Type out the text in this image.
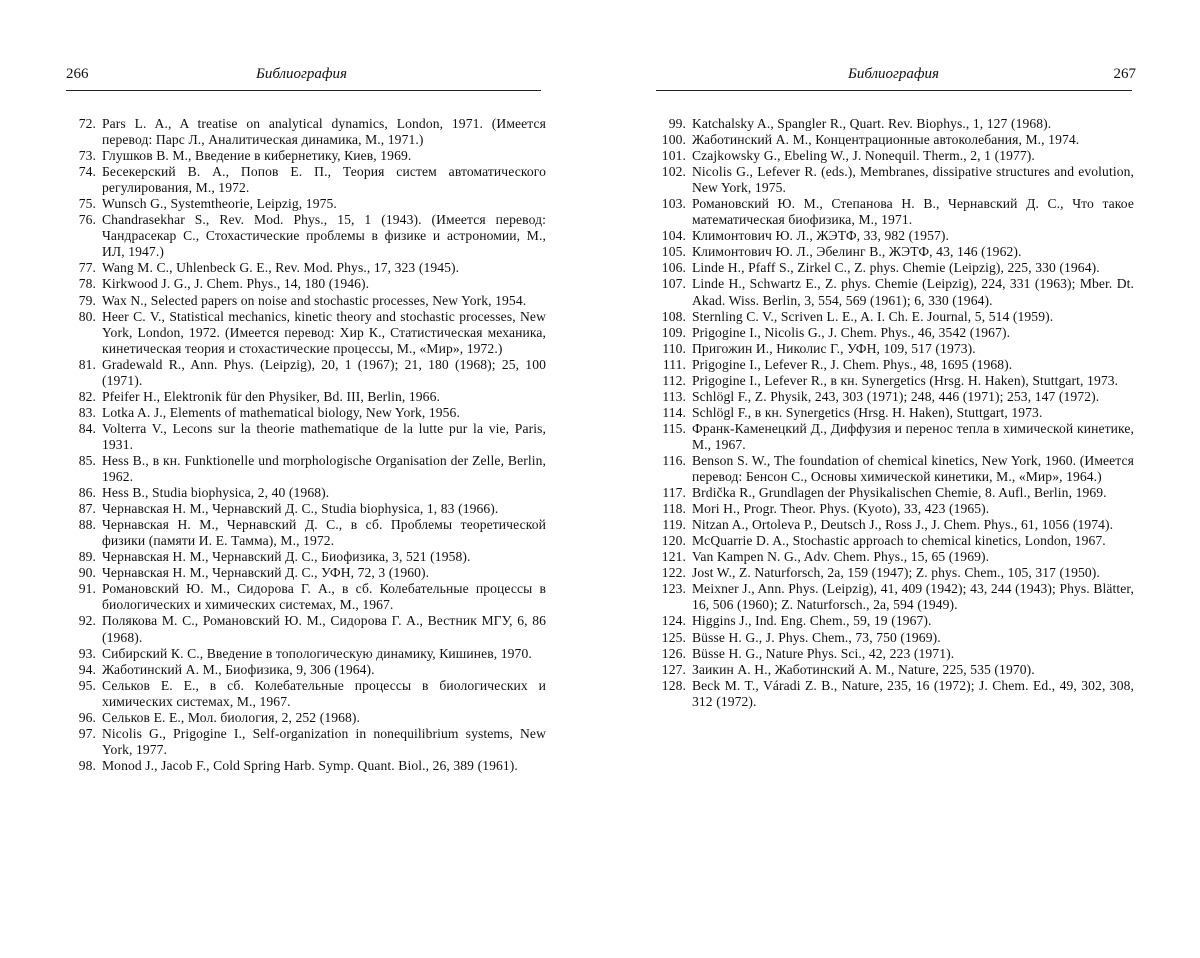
266	Библиография
72. Pars L. A., A treatise on analytical dynamics, London, 1971. (Имеется перевод: Парс Л., Аналитическая динамика, М., 1971.)
73. Глушков В. М., Введение в кибернетику, Киев, 1969.
74. Бесекерский В. А., Попов Е. П., Теория систем автоматического регулирования, М., 1972.
75. Wunsch G., Systemtheorie, Leipzig, 1975.
76. Chandrasekhar S., Rev. Mod. Phys., 15, 1 (1943). (Имеется перевод: Чандрасекар С., Стохастические проблемы в физике и астрономии, М., ИЛ, 1947.)
77. Wang M. C., Uhlenbeck G. E., Rev. Mod. Phys., 17, 323 (1945).
78. Kirkwood J. G., J. Chem. Phys., 14, 180 (1946).
79. Wax N., Selected papers on noise and stochastic processes, New York, 1954.
80. Heer C. V., Statistical mechanics, kinetic theory and stochastic processes, New York, London, 1972. (Имеется перевод: Хир К., Статистическая механика, кинетическая теория и стохастические процессы, М., «Мир», 1972.)
81. Gradewald R., Ann. Phys. (Leipzig), 20, 1 (1967); 21, 180 (1968); 25, 100 (1971).
82. Pfeifer H., Elektronik für den Physiker, Bd. III, Berlin, 1966.
83. Lotka A. J., Elements of mathematical biology, New York, 1956.
84. Volterra V., Lecons sur la theorie mathematique de la lutte pur la vie, Paris, 1931.
85. Hess B., в кн. Funktionelle und morphologische Organisation der Zelle, Berlin, 1962.
86. Hess B., Studia biophysica, 2, 40 (1968).
87. Чернавская Н. М., Чернавский Д. С., Studia biophysica, 1, 83 (1966).
88. Чернавская Н. М., Чернавский Д. С., в сб. Проблемы теоретической физики (памяти И. Е. Тамма), М., 1972.
89. Чернавская Н. М., Чернавский Д. С., Биофизика, 3, 521 (1958).
90. Чернавская Н. М., Чернавский Д. С., УФН, 72, 3 (1960).
91. Романовский Ю. М., Сидорова Г. А., в сб. Колебательные процессы в биологических и химических системах, М., 1967.
92. Полякова М. С., Романовский Ю. М., Сидорова Г. А., Вестник МГУ, 6, 86 (1968).
93. Сибирский К. С., Введение в топологическую динамику, Кишинев, 1970.
94. Жаботинский А. М., Биофизика, 9, 306 (1964).
95. Сельков Е. Е., в сб. Колебательные процессы в биологических и химических системах, М., 1967.
96. Сельков Е. Е., Мол. биология, 2, 252 (1968).
97. Nicolis G., Prigogine I., Self-organization in nonequilibrium systems, New York, 1977.
98. Monod J., Jacob F., Cold Spring Harb. Symp. Quant. Biol., 26, 389 (1961).
Библиография	267
99. Katchalsky A., Spangler R., Quart. Rev. Biophys., 1, 127 (1968).
100. Жаботинский А. М., Концентрационные автоколебания, М., 1974.
101. Czajkowsky G., Ebeling W., J. Nonequil. Therm., 2, 1 (1977).
102. Nicolis G., Lefever R. (eds.), Membranes, dissipative structures and evolution, New York, 1975.
103. Романовский Ю. М., Степанова Н. В., Чернавский Д. С., Что такое математическая биофизика, М., 1971.
104. Климонтович Ю. Л., ЖЭТФ, 33, 982 (1957).
105. Климонтович Ю. Л., Эбелинг В., ЖЭТФ, 43, 146 (1962).
106. Linde H., Pfaff S., Zirkel C., Z. phys. Chemie (Leipzig), 225, 330 (1964).
107. Linde H., Schwartz E., Z. phys. Chemie (Leipzig), 224, 331 (1963); Mber. Dt. Akad. Wiss. Berlin, 3, 554, 569 (1961); 6, 330 (1964).
108. Sternling C. V., Scriven L. E., A. I. Ch. E. Journal, 5, 514 (1959).
109. Prigogine I., Nicolis G., J. Chem. Phys., 46, 3542 (1967).
110. Пригожин И., Николис Г., УФН, 109, 517 (1973).
111. Prigogine I., Lefever R., J. Chem. Phys., 48, 1695 (1968).
112. Prigogine I., Lefever R., в кн. Synergetics (Hrsg. H. Haken), Stuttgart, 1973.
113. Schlögl F., Z. Physik, 243, 303 (1971); 248, 446 (1971); 253, 147 (1972).
114. Schlögl F., в кн. Synergetics (Hrsg. H. Haken), Stuttgart, 1973.
115. Франк-Каменецкий Д., Диффузия и перенос тепла в химической кинетике, М., 1967.
116. Benson S. W., The foundation of chemical kinetics, New York, 1960. (Имеется перевод: Бенсон С., Основы химической кинетики, М., «Мир», 1964.)
117. Brdička R., Grundlagen der Physikalischen Chemie, 8. Aufl., Berlin, 1969.
118. Mori H., Progr. Theor. Phys. (Kyoto), 33, 423 (1965).
119. Nitzan A., Ortoleva P., Deutsch J., Ross J., J. Chem. Phys., 61, 1056 (1974).
120. McQuarrie D. A., Stochastic approach to chemical kinetics, London, 1967.
121. Van Kampen N. G., Adv. Chem. Phys., 15, 65 (1969).
122. Jost W., Z. Naturforsch, 2a, 159 (1947); Z. phys. Chem., 105, 317 (1950).
123. Meixner J., Ann. Phys. (Leipzig), 41, 409 (1942); 43, 244 (1943); Phys. Blätter, 16, 506 (1960); Z. Naturforsch., 2a, 594 (1949).
124. Higgins J., Ind. Eng. Chem., 59, 19 (1967).
125. Büsse H. G., J. Phys. Chem., 73, 750 (1969).
126. Büsse H. G., Nature Phys. Sci., 42, 223 (1971).
127. Заикин А. Н., Жаботинский А. М., Nature, 225, 535 (1970).
128. Beck M. T., Váradi Z. B., Nature, 235, 16 (1972); J. Chem. Ed., 49, 302, 308, 312 (1972).
